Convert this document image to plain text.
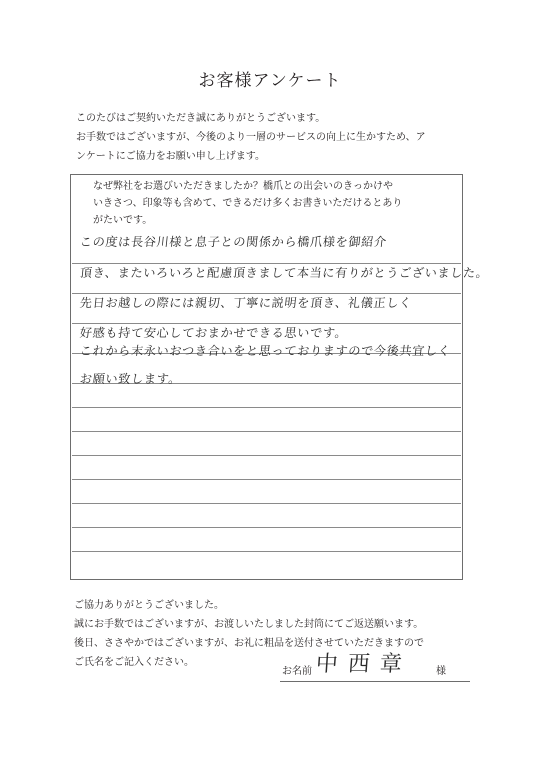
お客様アンケート
このたびはご契約いただき誠にありがとうございます。
お手数ではございますが、今後のより一層のサービスの向上に生かすため、ア
ンケートにご協力をお願い申し上げます。
なぜ弊社をお選びいただきましたか？橋爪との出会いのきっかけや
いきさつ、印象等も含めて、できるだけ多くお書きいただけるとあり
がたいです。
この度は長谷川様と息子との関係から橋爪様を御紹介
頂き、またいろいろと配慮頂きまして本当に有りがとうございました。
先日お越しの際には親切、丁寧に説明を頂き、礼儀正しく
好感も持て安心しておまかせできる思いです。
これから末永いおつき合いをと思っておりますので今後共宜しく
お願い致します。
ご協力ありがとうございました。
誠にお手数ではございますが、お渡しいたしました封筒にてご返送願います。
後日、ささやかではございますが、お礼に粗品を送付させていただきますので
ご氏名をご記入ください。
お名前 中西章 様
